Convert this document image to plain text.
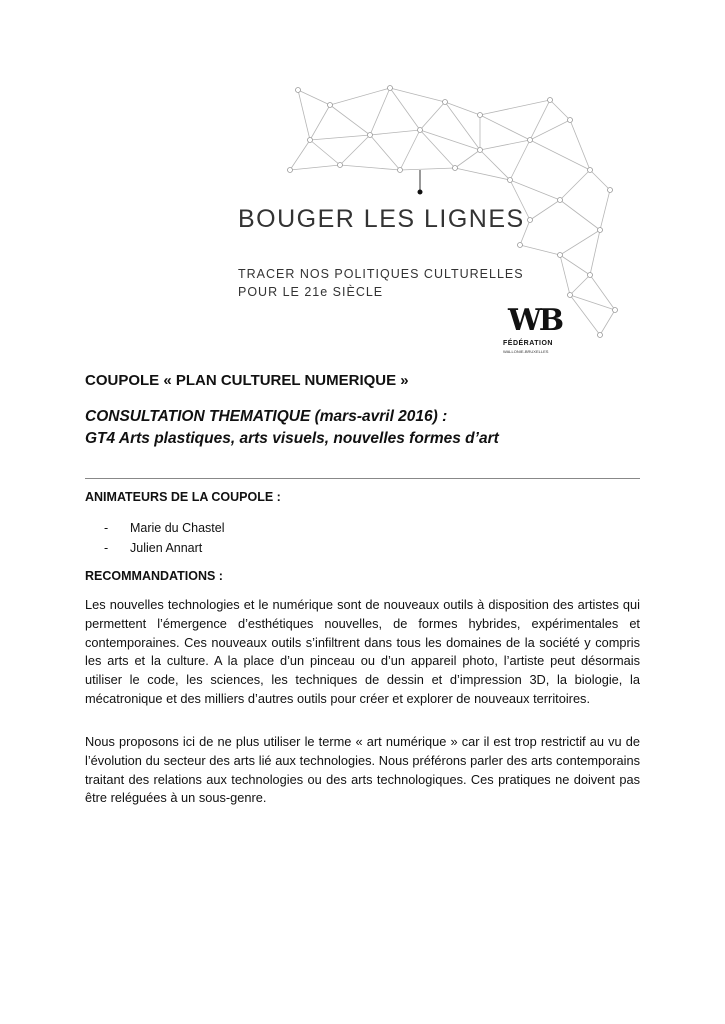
BOUGER LES LIGNES
TRACER NOS POLITIQUES CULTURELLES
POUR LE 21e SIÈCLE
WB
FÉDÉRATION
WALLONIE-BRUXELLES
COUPOLE « PLAN CULTUREL NUMERIQUE »
CONSULTATION THEMATIQUE (mars-avril 2016) :
GT4 Arts plastiques, arts visuels, nouvelles formes d’art
ANIMATEURS DE LA COUPOLE :
- Marie du Chastel
- Julien Annart
RECOMMANDATIONS :

Les nouvelles technologies et le numérique sont de nouveaux outils à disposition des artistes qui permettent l’émergence d’esthétiques nouvelles, de formes hybrides, expérimentales et contemporaines. Ces nouveaux outils s’infiltrent dans tous les domaines de la société y compris les arts et la culture. A la place d’un pinceau ou d’un appareil photo, l’artiste peut désormais utiliser le code, les sciences, les techniques de dessin et d’impression 3D, la biologie, la mécatronique et des milliers d’autres outils pour créer et explorer de nouveaux territoires.

Nous proposons ici de ne plus utiliser le terme « art numérique » car il est trop restrictif au vu de l’évolution du secteur des arts lié aux technologies. Nous préférons parler des arts contemporains traitant des relations aux technologies ou des arts technologiques. Ces pratiques ne doivent pas être reléguées à un sous-genre.
